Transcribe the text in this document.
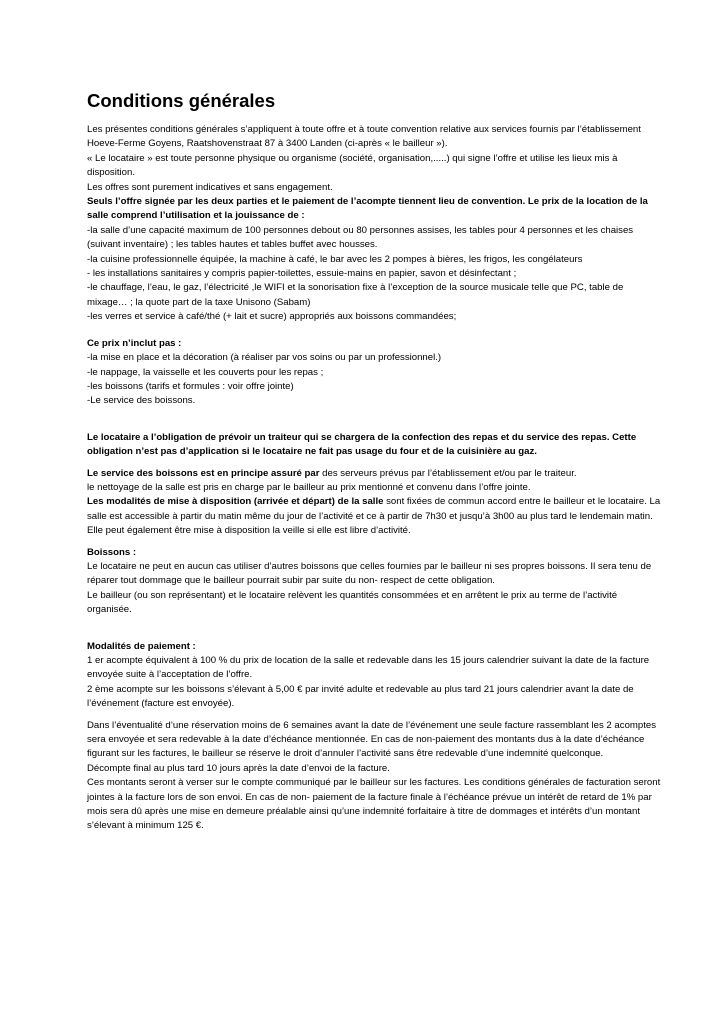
Conditions générales

Les présentes conditions générales s’appliquent à toute offre et à toute convention relative aux services fournis par l’établissement Hoeve-Ferme Goyens, Raatshovenstraat 87 à 3400 Landen (ci-après « le bailleur »).

« Le locataire » est toute personne physique ou organisme (société, organisation,.....) qui signe l’offre et utilise les lieux mis à disposition.

Les offres sont purement indicatives et sans engagement.

Seuls l’offre signée par les deux parties et le paiement de l’acompte tiennent lieu de convention. Le prix de la location de la salle comprend l’utilisation et la jouissance de :

-la salle d’une capacité maximum de 100 personnes debout ou 80 personnes assises, les tables pour 4 personnes et les chaises (suivant inventaire) ; les tables hautes et tables buffet avec housses.

-la cuisine professionnelle équipée, la machine à café, le bar avec les 2 pompes à bières, les frigos, les congélateurs

- les installations sanitaires y compris papier-toilettes, essuie-mains en papier, savon et désinfectant ;

-le chauffage, l’eau, le gaz, l’électricité ,le WIFI et la sonorisation fixe à l’exception de la source musicale telle que PC, table de mixage… ; la quote part de la taxe Unisono (Sabam)

-les verres et service à café/thé (+ lait et sucre) appropriés aux boissons commandées;

Ce prix n’inclut pas :

-la mise en place et la décoration (à réaliser par vos soins ou par un professionnel.)

-le nappage, la vaisselle et les couverts pour les repas ;

-les boissons (tarifs et formules : voir offre jointe)

-Le service des boissons.

Le locataire a l’obligation de prévoir un traiteur qui se chargera de la confection des repas et du service des repas. Cette obligation n’est pas d’application si le locataire ne fait pas usage du four et de la cuisinière au gaz.

Le service des boissons est en principe assuré par des serveurs prévus par l’établissement et/ou par le traiteur.

le nettoyage de la salle est pris en charge par le bailleur au prix mentionné et convenu dans l’offre jointe.

Les modalités de mise à disposition (arrivée et départ) de la salle sont fixées de commun accord entre le bailleur et le locataire. La salle est accessible à partir du matin même du jour de l’activité et ce à partir de 7h30 et jusqu’à 3h00 au plus tard le lendemain matin. Elle peut également être mise à disposition la veille si elle est libre d’activité.

Boissons :

Le locataire ne peut en aucun cas utiliser d’autres boissons que celles fournies par le bailleur ni ses propres boissons. Il sera tenu de réparer tout dommage que le bailleur pourrait subir par suite du non- respect de cette obligation.

Le bailleur (ou son représentant) et le locataire relèvent les quantités consommées et en arrêtent le prix au terme de l’activité organisée.

Modalités de paiement :

1 er acompte équivalent à 100 % du prix de location de la salle et redevable dans les 15 jours calendrier suivant la date de la facture envoyée suite à l’acceptation de l’offre.

2 ème acompte sur les boissons s’élevant à 5,00 € par invité adulte et redevable au plus tard 21 jours calendrier avant la date de l’événement (facture est envoyée).

Dans l’éventualité d’une réservation moins de 6 semaines avant la date de l’événement une seule facture rassemblant les 2 acomptes sera envoyée et sera redevable à la date d’échéance mentionnée. En cas de non-paiement des montants dus à la date d’échéance figurant sur les factures, le bailleur se réserve le droit d’annuler l’activité sans être redevable d’une indemnité quelconque.

Décompte final au plus tard 10 jours après la date d’envoi de la facture.

Ces montants seront à verser sur le compte communiqué par le bailleur sur les factures. Les conditions générales de facturation seront jointes à la facture lors de son envoi. En cas de non- paiement de la facture finale à l’échéance prévue un intérêt de retard de 1% par mois sera dû après une mise en demeure préalable ainsi qu’une indemnité forfaitaire à titre de dommages et intérêts d’un montant s’élevant à minimum 125 €.
